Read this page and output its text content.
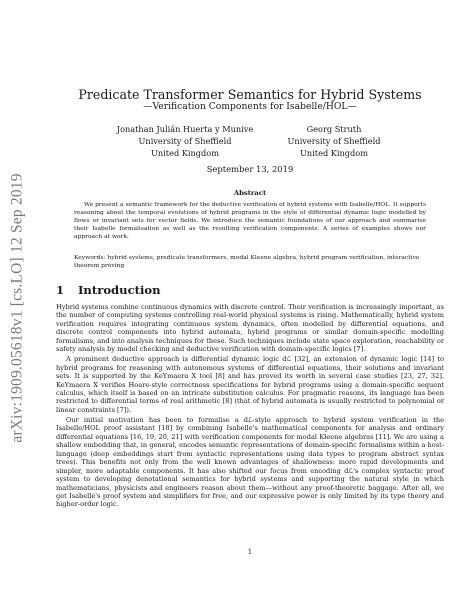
arXiv:1909.05618v1 [cs.LO] 12 Sep 2019
Predicate Transformer Semantics for Hybrid Systems
—Verification Components for Isabelle/HOL—
Jonathan Julián Huerta y Munive
University of Sheffield
United Kingdom
Georg Struth
University of Sheffield
United Kingdom
September 13, 2019
Abstract

We present a semantic framework for the deductive verification of hybrid systems with Isabelle/HOL. It supports reasoning about the temporal evolutions of hybrid programs in the style of differential dynamic logic modelled by flows or invariant sets for vector fields. We introduce the semantic foundations of our approach and summarise their Isabelle formalisation as well as the resulting verification components. A series of examples shows our approach at work.

Keywords: hybrid systems, predicate transformers, modal Kleene algebra, hybrid program verification, interactive theorem proving

1 Introduction

Hybrid systems combine continuous dynamics with discrete control. Their verification is increasingly important, as the number of computing systems controlling real-world physical systems is rising. Mathematically, hybrid system verification requires integrating continuous system dynamics, often modelled by differential equations, and discrete control components into hybrid automata, hybrid programs or similar domain-specific modelling formalisms, and into analysis techniques for these. Such techniques include state space exploration, reachability or safety analysis by model checking and deductive verification with domain-specific logics [7].

A prominent deductive approach is differential dynamic logic dℒ [32], an extension of dynamic logic [14] to hybrid programs for reasoning with autonomous systems of differential equations, their solutions and invariant sets. It is supported by the KeYmaera X tool [8] and has proved its worth in several case studies [23, 27, 32]. KeYmaera X verifies Hoare-style correctness specifications for hybrid programs using a domain-specific sequent calculus, which itself is based on an intricate substitution calculus. For pragmatic reasons, its language has been restricted to differential terms of real arithmetic [8] (that of hybrid automata is usually restricted to polynomial or linear constraints [7]).

Our initial motivation has been to formalise a dℒ-style approach to hybrid system verification in the Isabelle/HOL proof assistant [18] by combining Isabelle's mathematical components for analysis and ordinary differential equations [16, 19, 20, 21] with verification components for modal Kleene algebras [11]. We are using a shallow embedding that, in general, encodes semantic representations of domain-specific formalisms within a host-language (deep embeddings start from syntactic representations using data types to program abstract syntax trees). This benefits not only from the well known advantages of shallowness: more rapid developments and simpler, more adaptable components. It has also shifted our focus from encoding dℒ's complex syntactic proof system to developing denotational semantics for hybrid systems and supporting the natural style in which mathematicians, physicists and engineers reason about them—without any proof-theoretic baggage. After all, we get Isabelle's proof system and simplifiers for free, and our expressive power is only limited by its type theory and higher-order logic.

1
